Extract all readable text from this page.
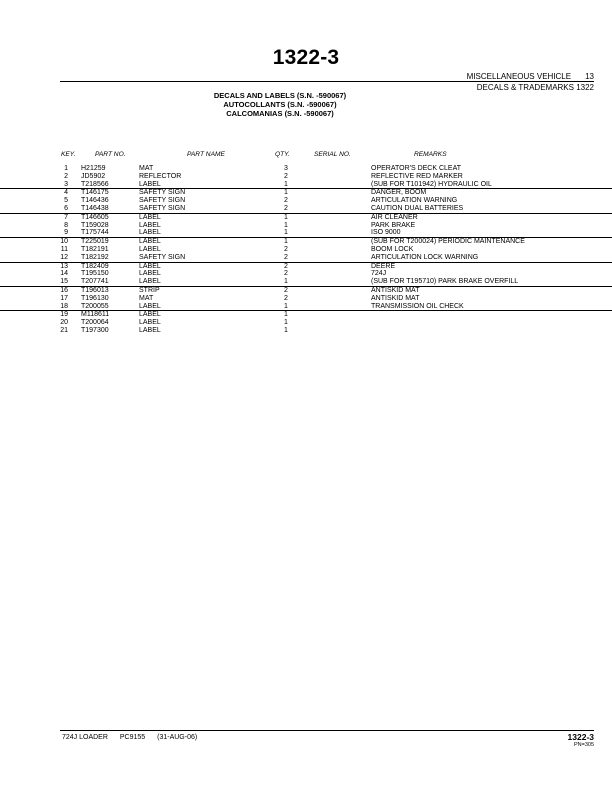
1322-3
MISCELLANEOUS VEHICLE 13
DECALS & TRADEMARKS 1322
DECALS AND LABELS (S.N. -590067)
AUTOCOLLANTS (S.N. -590067)
CALCOMANIAS (S.N. -590067)
KEY.	PART NO.	PART NAME	QTY.	SERIAL NO.	REMARKS
1 H21259	MAT	3	OPERATOR'S DECK CLEAT
2 JD5902	REFLECTOR	2	REFLECTIVE RED MARKER
3 T218566	LABEL	1	(SUB FOR T101942) HYDRAULIC OIL
4 T146175	SAFETY SIGN	1	DANGER, BOOM
5 T146436	SAFETY SIGN	2	ARTICULATION WARNING
6 T146438	SAFETY SIGN	2	CAUTION DUAL BATTERIES
7 T146605	LABEL	1	AIR CLEANER
8 T159028	LABEL	1	PARK BRAKE
9 T175744	LABEL	1	ISO 9000
10 T225019	LABEL	1	(SUB FOR T200024) PERIODIC MAINTENANCE
11 T182191	LABEL	2	BOOM LOCK
12 T182192	SAFETY SIGN	2	ARTICULATION LOCK WARNING
13 T182409	LABEL	2	DEERE
14 T195150	LABEL	2	724J
15 T207741	LABEL	1	(SUB FOR T195710) PARK BRAKE OVERFILL
16 T196013	STRIP	2	ANTISKID MAT
17 T196130	MAT	2	ANTISKID MAT
18 T200055	LABEL	1	TRANSMISSION OIL CHECK
19 M118611	LABEL	1
20 T200064	LABEL	1
21 T197300	LABEL	1
724J LOADER PC9155 (31-AUG-06)	1322-3
PN=305
